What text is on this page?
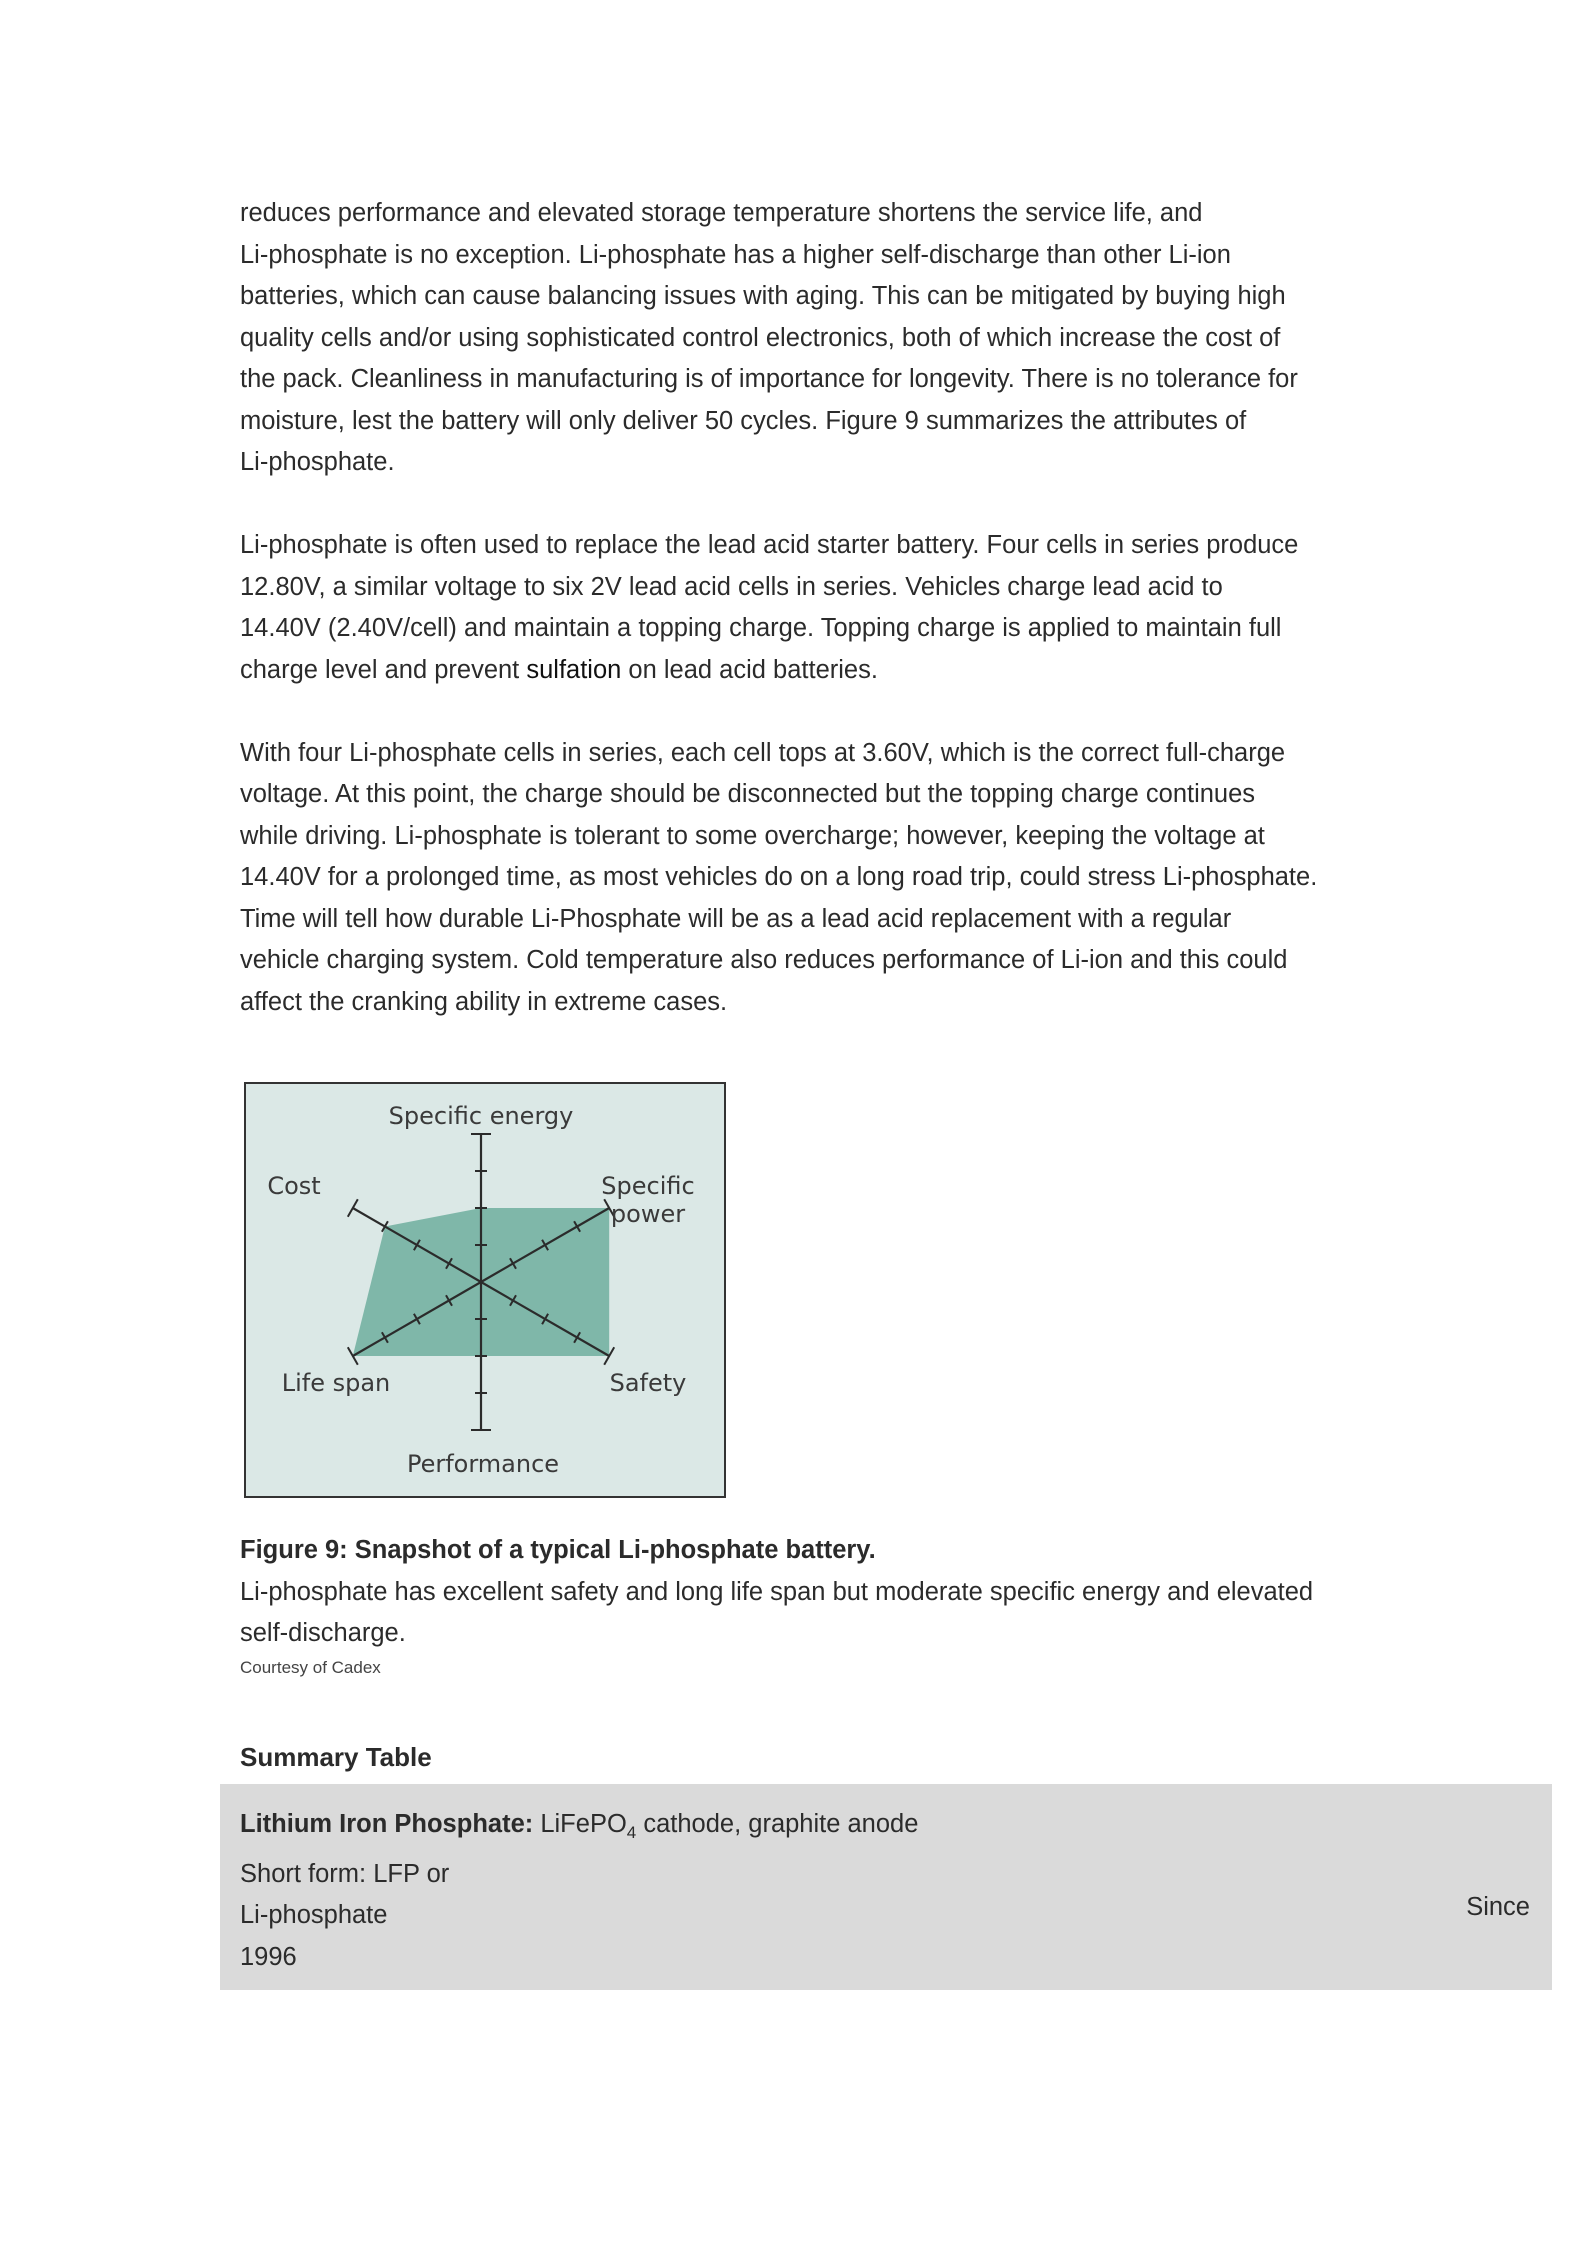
reduces performance and elevated storage temperature shortens the service life, and
Li-phosphate is no exception. Li-phosphate has a higher self-discharge than other Li-ion
batteries, which can cause balancing issues with aging. This can be mitigated by buying high
quality cells and/or using sophisticated control electronics, both of which increase the cost of
the pack. Cleanliness in manufacturing is of importance for longevity. There is no tolerance for
moisture, lest the battery will only deliver 50 cycles. Figure 9 summarizes the attributes of
Li-phosphate.

Li-phosphate is often used to replace the lead acid starter battery. Four cells in series produce
12.80V, a similar voltage to six 2V lead acid cells in series. Vehicles charge lead acid to
14.40V (2.40V/cell) and maintain a topping charge. Topping charge is applied to maintain full
charge level and prevent sulfation on lead acid batteries.

With four Li-phosphate cells in series, each cell tops at 3.60V, which is the correct full-charge
voltage. At this point, the charge should be disconnected but the topping charge continues
while driving. Li-phosphate is tolerant to some overcharge; however, keeping the voltage at
14.40V for a prolonged time, as most vehicles do on a long road trip, could stress Li-phosphate.
Time will tell how durable Li-Phosphate will be as a lead acid replacement with a regular
vehicle charging system. Cold temperature also reduces performance of Li-ion and this could
affect the cranking ability in extreme cases.

Specific energy
Cost	Specific
power
Life span	Safety
Performance
Figure 9: Snapshot of a typical Li-phosphate battery.

Li-phosphate has excellent safety and long life span but moderate specific energy and elevated
self-discharge.

Courtesy of Cadex
Summary Table
Lithium Iron Phosphate: LiFePO$_4$ cathode, graphite anode
Short form: LFP or
Li-phosphate
1996
Since
